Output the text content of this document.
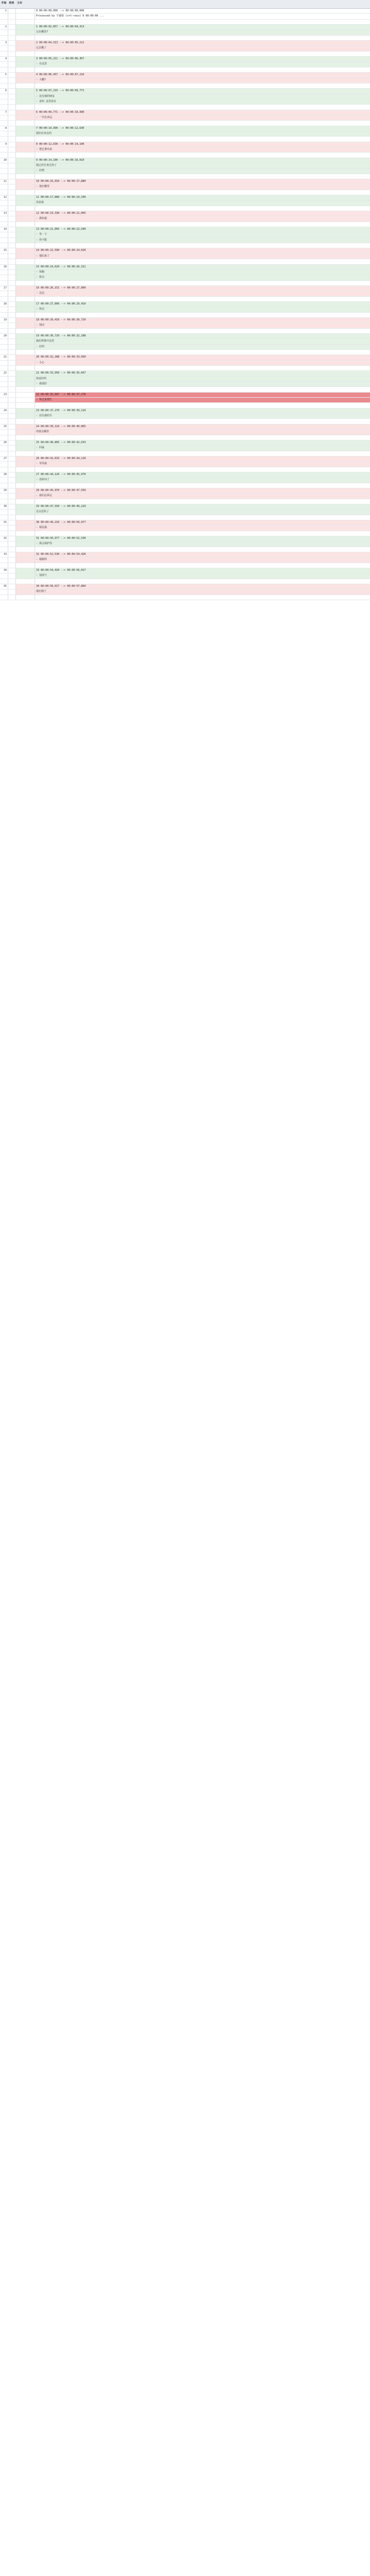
开始 结束	文本
1	0 00:00:00,000 --> 00:00:00,000
Processed by 字幕组 (srt->ass) 0 00:00:00 ...
2	1 00:00:02,857 --> 00:00:04,313
它在哪里?
3	2 00:00:04,313 --> 00:00:05,211
它去哪了
4	3 00:00:05,211 --> 00:00:06,457
- 在这里
5	4 00:00:06,457 --> 00:00:07,210
- 大概?
6	5 00:00:07,210 --> 00:00:09,771
- 这有我的朋友
- 是吗 这里没有
7	6 00:00:09,771 --> 00:00:10,990
- 一共有多远
8	7 00:00:10,990 --> 00:00:12,630
我们应该走的
9	8 00:00:12,630 --> 00:00:14,100
- 把它拿出来
10	9 00:00:14,100 --> 00:00:16,010
我已经告诉过你了
- 好吧
11	10 00:00:16,010 --> 00:00:17,880
- 他在哪里
12	11 00:00:17,880 --> 00:00:19,330
你是谁
13	12 00:00:19,330 --> 00:00:21,005
- 我知道
14	13 00:00:21,005 --> 00:00:22,590
- 等一下
- 你不能
15	14 00:00:22,590 --> 00:00:24,020
- 他们来了
16	15 00:00:24,020 --> 00:00:26,151
- 快跑
- 快点
17	16 00:00:26,151 --> 00:00:27,800
- 这边
18	17 00:00:27,800 --> 00:00:29,410
- 快走
19	18 00:00:29,410 --> 00:00:30,720
- 别动
20	19 00:00:30,720 --> 00:00:32,288
我们得离开这里
- 好的
21	20 00:00:32,288 --> 00:00:33,950
- 小心
22	21 00:00:33,950 --> 00:00:35,607
你还好吗
- 我很好
23	22 00:00:35,607 --> 00:00:37,270
- 快过来帮忙
24	23 00:00:37,270 --> 00:00:39,110
- 拉住我的手
25	24 00:00:39,110 --> 00:00:40,805
你要去哪里
26	25 00:00:40,805 --> 00:00:42,633
- 回家
27	26 00:00:42,633 --> 00:00:44,120
- 等等我
28	27 00:00:44,120 --> 00:00:45,970
- 没时间了
29	28 00:00:45,970 --> 00:00:47,550
- 我们必须走
30	29 00:00:47,550 --> 00:00:49,210
这太危险了
31	30 00:00:49,210 --> 00:00:50,977
- 相信我
32	31 00:00:50,977 --> 00:00:52,530
- 我会保护你
33	32 00:00:52,530 --> 00:00:54,420
- 谢谢你
34	33 00:00:54,420 --> 00:00:56,017
- 别客气
35	34 00:00:56,017 --> 00:00:57,860
我们到了
